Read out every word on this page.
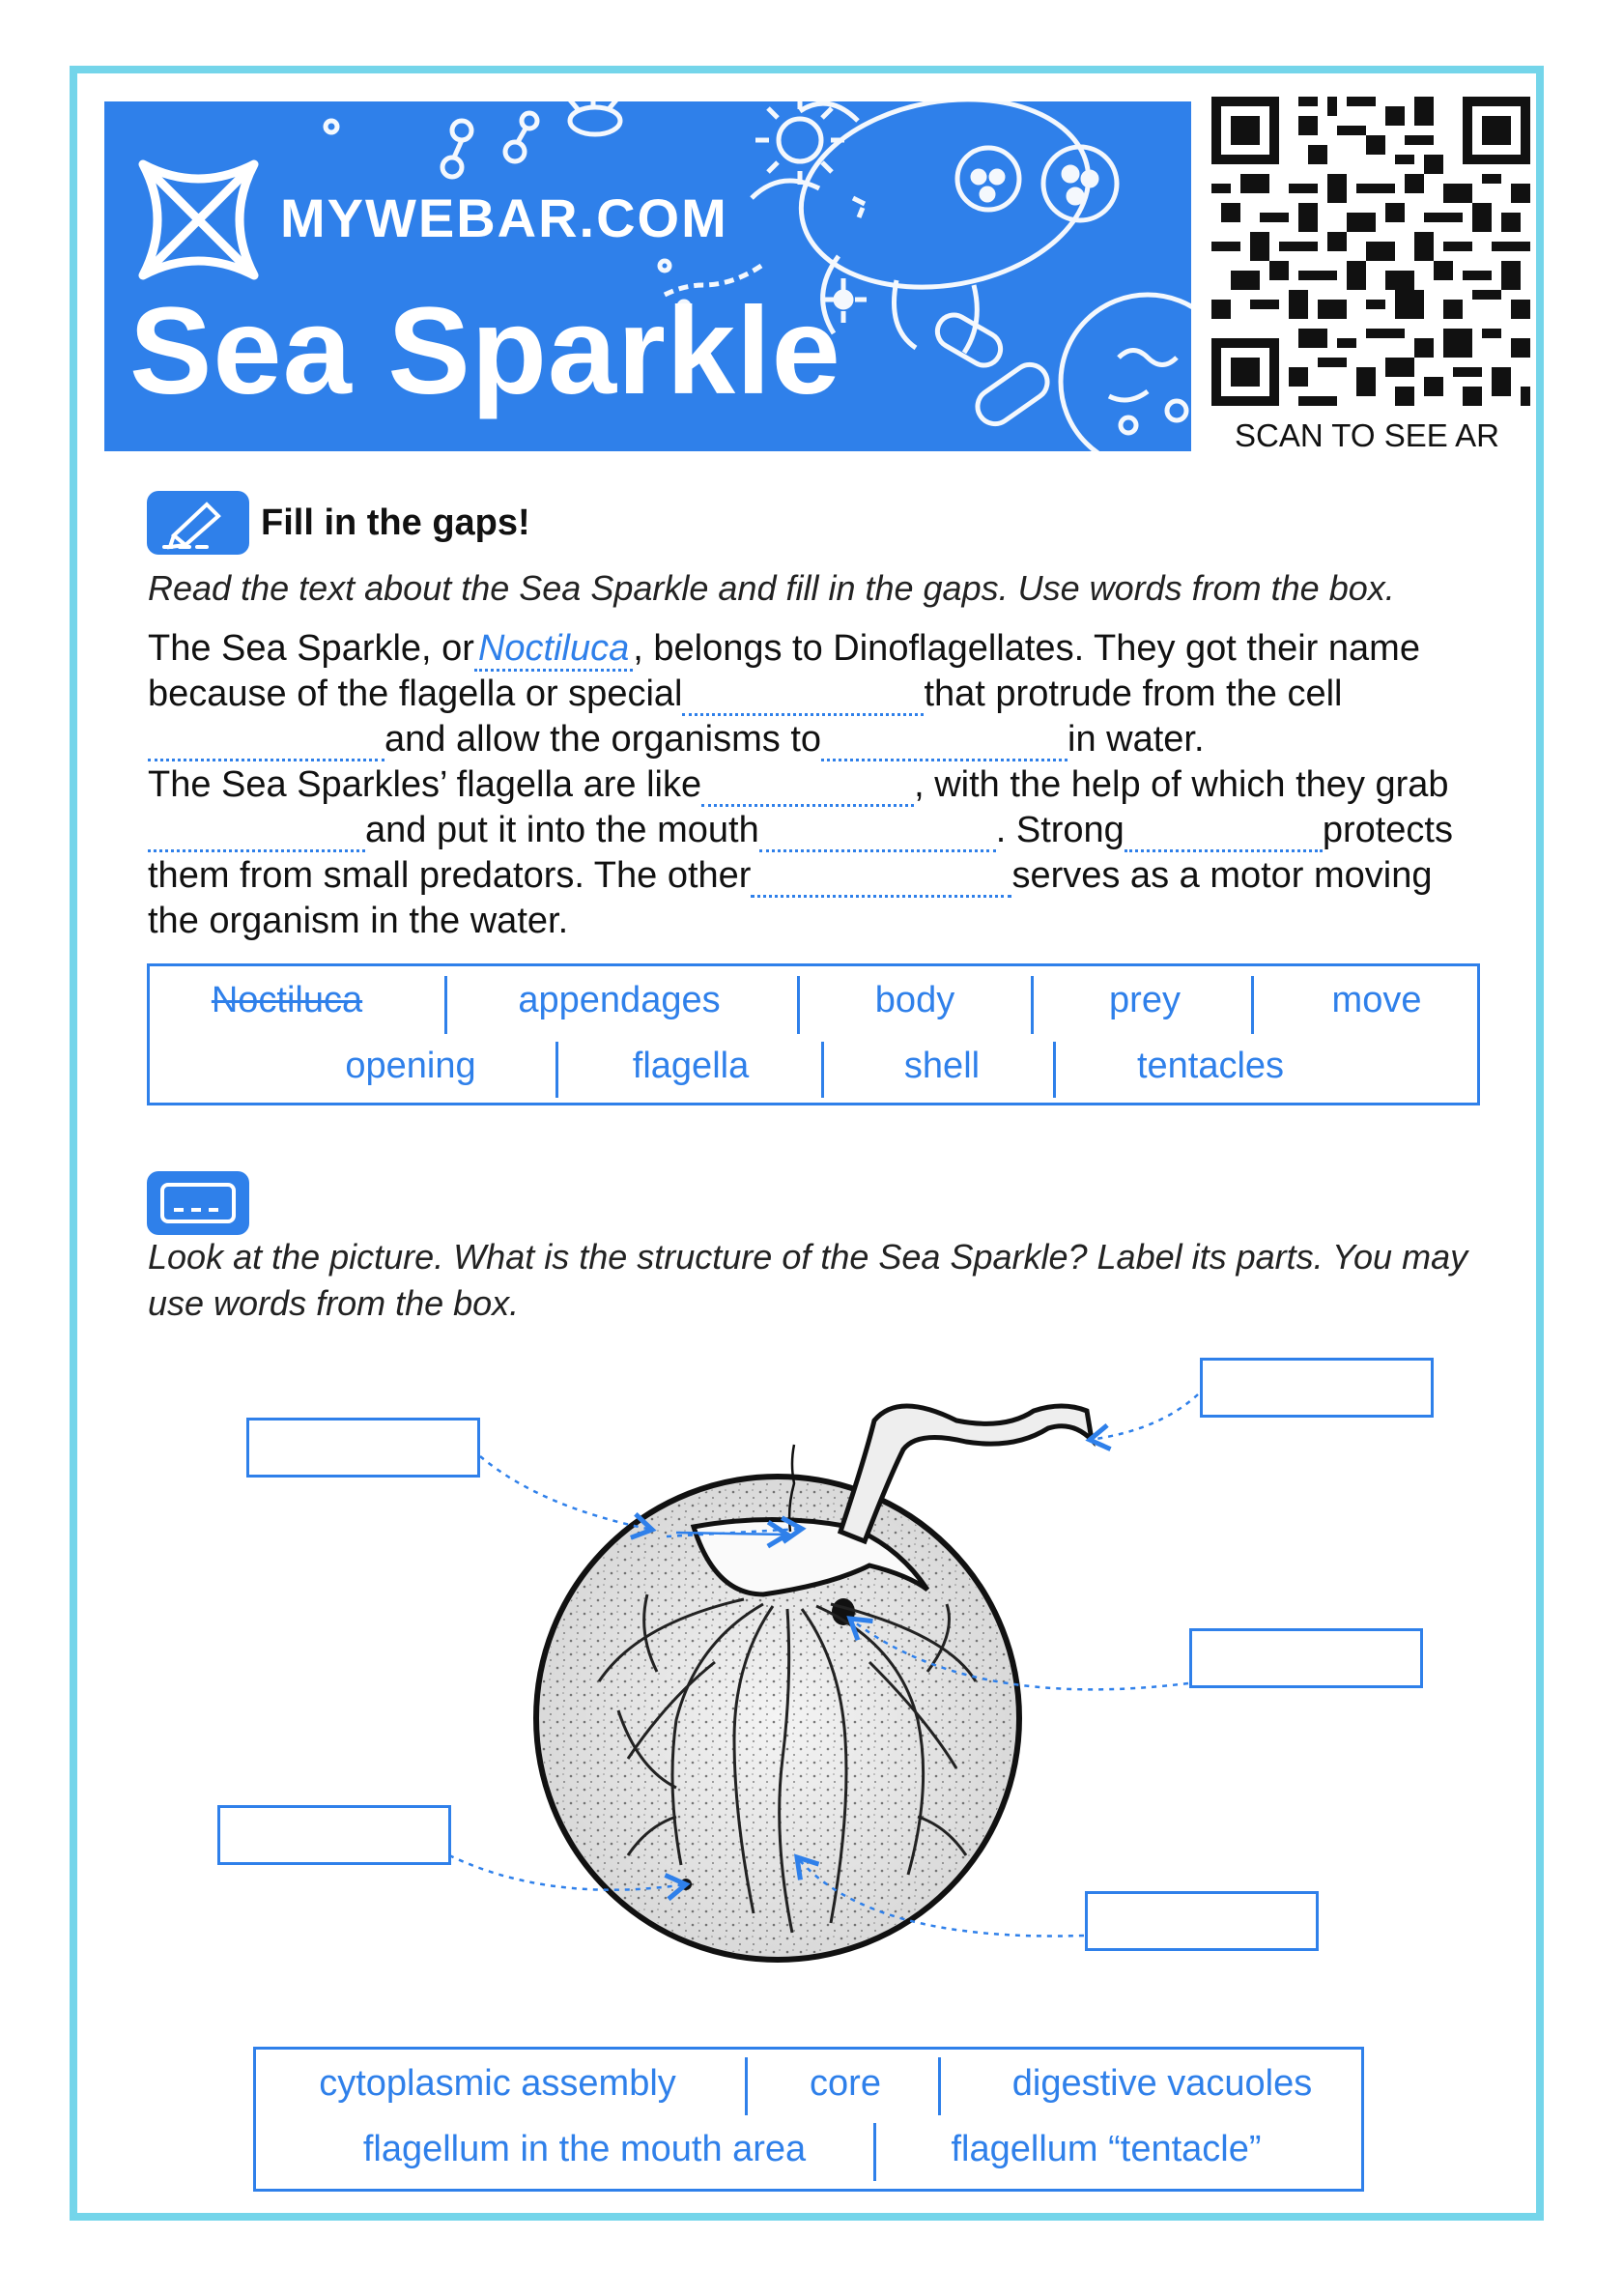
MYWEBAR.COM
Sea Sparkle
SCAN TO SEE AR
Fill in the gaps!
Read the text about the Sea Sparkle and fill in the gaps. Use words from the box.
The Sea Sparkle, or Noctiluca , belongs to Dinoflagellates. They got their name
because of the flagella or special	that protrude from the cell
and allow the organisms to	in water.
The Sea Sparkles’ flagella are like	, with the help of which they grab
and put it into the mouth	. Strong	protects
them from small predators. The other	serves as a motor moving
the organism in the water.
Noctiluca	appendages	body	prey	move
opening	flagella	shell	tentacles
Look at the picture. What is the structure of the Sea Sparkle? Label its parts. You may use words from the box.
cytoplasmic assembly	core	digestive vacuoles
flagellum in the mouth area	flagellum “tentacle”
